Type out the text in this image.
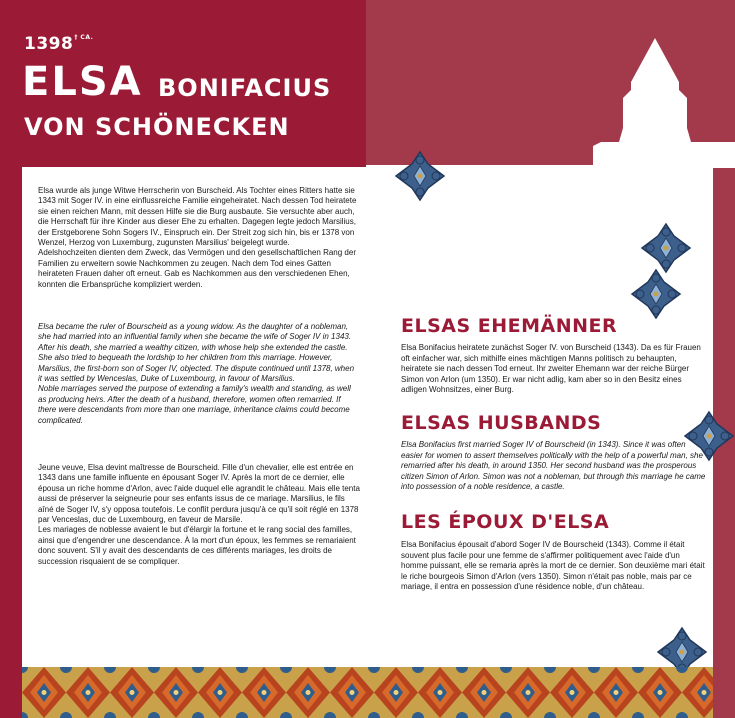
1398† CA.
ELSA BONIFACIUS
VON SCHÖNECKEN

Elsa wurde als junge Witwe Herrscherin von Burscheid. Als Tochter eines Ritters hatte sie 1343 mit Soger IV. in eine einflussreiche Familie eingeheiratet. Nach dessen Tod heiratete sie einen reichen Mann, mit dessen Hilfe sie die Burg ausbaute. Sie versuchte aber auch, die Herrschaft für ihre Kinder aus dieser Ehe zu erhalten. Dagegen legte jedoch Marsilius, der Erstgeborene Sohn Sogers IV., Einspruch ein. Der Streit zog sich hin, bis er 1378 von Wenzel, Herzog von Luxemburg, zugunsten Marsilius' beigelegt wurde.

Adelshochzeiten dienten dem Zweck, das Vermögen und den gesellschaftlichen Rang der Familien zu erweitern sowie Nachkommen zu zeugen. Nach dem Tod eines Gatten heirateten Frauen daher oft erneut. Gab es Nachkommen aus den verschiedenen Ehen, konnten die Erbansprüche kompliziert werden.

Elsa became the ruler of Bourscheid as a young widow. As the daughter of a nobleman, she had married into an influential family when she became the wife of Soger IV in 1343. After his death, she married a wealthy citizen, with whose help she extended the castle. She also tried to bequeath the lordship to her children from this marriage. However, Marsilius, the first-born son of Soger IV, objected. The dispute continued until 1378, when it was settled by Wenceslas, Duke of Luxembourg, in favour of Marsilius.

Noble marriages served the purpose of extending a family's wealth and standing, as well as producing heirs. After the death of a husband, therefore, women often remarried. If there were descendants from more than one marriage, inheritance claims could become complicated.

Jeune veuve, Elsa devint maîtresse de Bourscheid. Fille d'un chevalier, elle est entrée en 1343 dans une famille influente en épousant Soger IV. Après la mort de ce dernier, elle épousa un riche homme d'Arlon, avec l'aide duquel elle agrandit le château. Mais elle tenta aussi de préserver la seigneurie pour ses enfants issus de ce mariage. Marsilius, le fils aîné de Soger IV, s'y opposa toutefois. Le conflit perdura jusqu'à ce qu'il soit réglé en 1378 par Venceslas, duc de Luxembourg, en faveur de Marsile.

Les mariages de noblesse avaient le but d'élargir la fortune et le rang social des familles, ainsi que d'engendrer une descendance. À la mort d'un époux, les femmes se remariaient donc souvent. S'il y avait des descendants de ces différents mariages, les droits de succession risquaient de se compliquer.

ELSAS EHEMÄNNER

Elsa Bonifacius heiratete zunächst Soger IV. von Burscheid (1343). Da es für Frauen oft einfacher war, sich mithilfe eines mächtigen Manns politisch zu behaupten, heiratete sie nach dessen Tod erneut. Ihr zweiter Ehemann war der reiche Bürger Simon von Arlon (um 1350). Er war nicht adlig, kam aber so in den Besitz eines adligen Wohnsitzes, einer Burg.

ELSAS HUSBANDS

Elsa Bonifacius first married Soger IV of Bourscheid (in 1343). Since it was often easier for women to assert themselves politically with the help of a powerful man, she remarried after his death, in around 1350. Her second husband was the prosperous citizen Simon of Arlon. Simon was not a nobleman, but through this marriage he came into possession of a noble residence, a castle.

LES ÉPOUX D'ELSA

Elsa Bonifacius épousait d'abord Soger IV de Bourscheid (1343). Comme il était souvent plus facile pour une femme de s'affirmer politiquement avec l'aide d'un homme puissant, elle se remaria après la mort de ce dernier. Son deuxième mari était le riche bourgeois Simon d'Arlon (vers 1350). Simon n'était pas noble, mais par ce mariage, il entra en possession d'une résidence noble, d'un château.
